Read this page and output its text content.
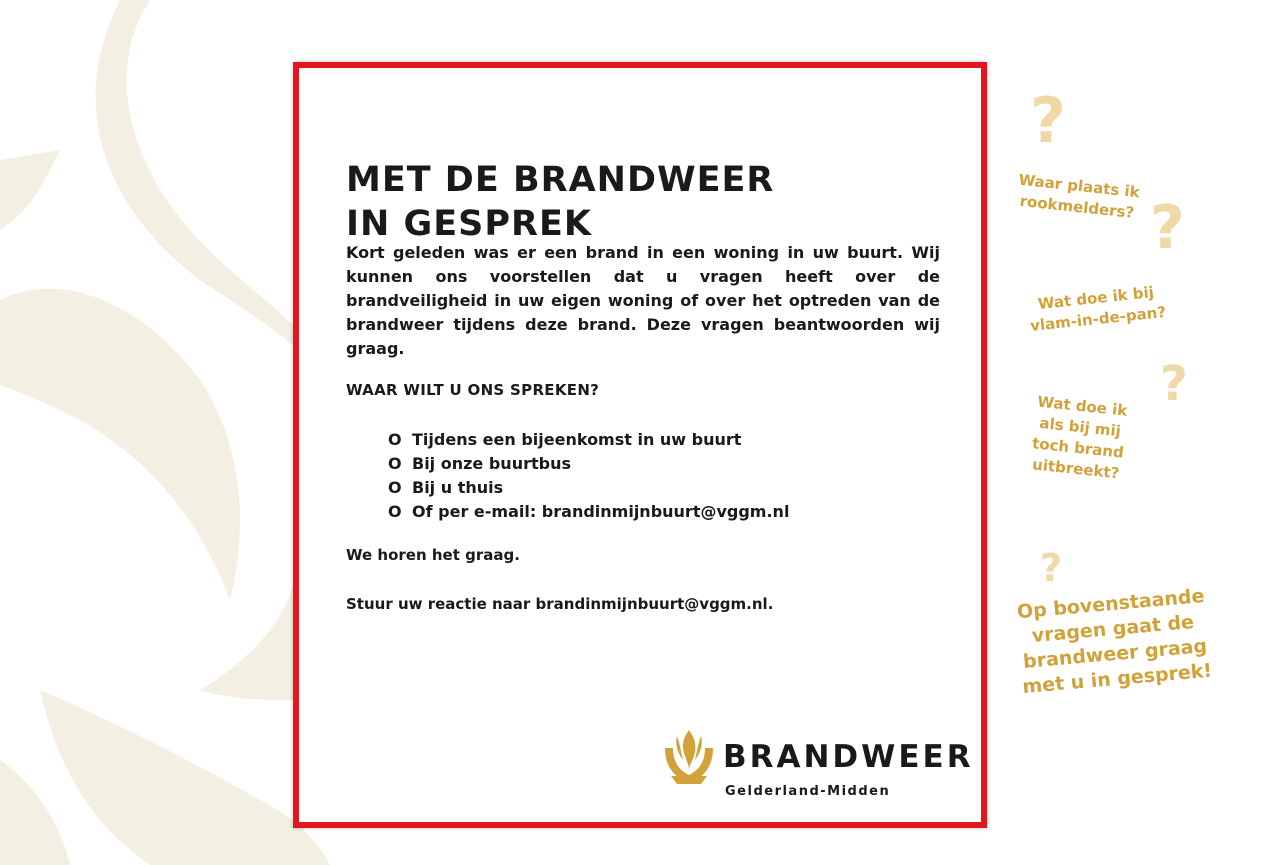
MET DE BRANDWEER
IN GESPREK

Kort geleden was er een brand in een woning in uw buurt. Wij kunnen ons voorstellen dat u vragen heeft over de brandveiligheid in uw eigen woning of over het optreden van de brandweer tijdens deze brand. Deze vragen beantwoorden wij graag.

WAAR WILT U ONS SPREKEN?

O Tijdens een bijeenkomst in uw buurt
O Bij onze buurtbus
O Bij u thuis
O Of per e-mail: brandinmijnbuurt@vggm.nl

We horen het graag.

Stuur uw reactie naar brandinmijnbuurt@vggm.nl.

BRANDWEER
Gelderland-Midden
?
Waar plaats ik
rookmelders? ?
Wat doe ik bij
vlam-in-de-pan?
?
Wat doe ik
als bij mij
toch brand
uitbreekt?
?
Op bovenstaande
vragen gaat de
brandweer graag
met u in gesprek!
